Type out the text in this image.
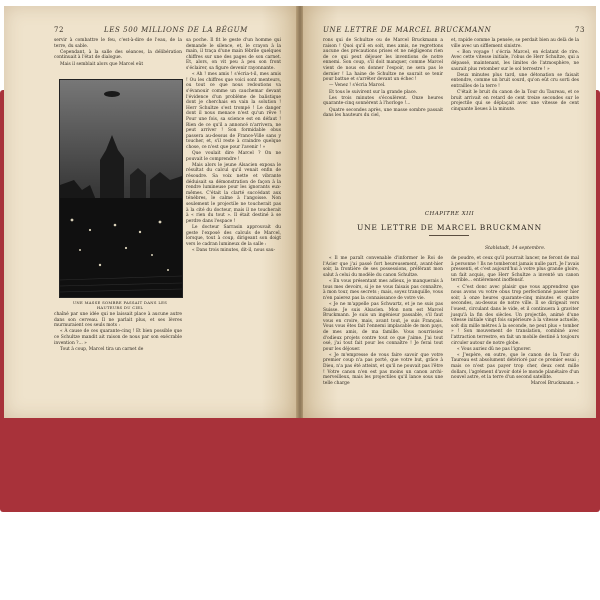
72	LES 500 MILLIONS DE LA BÉGUM

servir à combattre le feu, c'est-à-dire de l'eau, de la terre, du sable.

Cependant, à la salle des séances, la délibération continuait à l'état de dialogue.

Mais il semblait alors que Marcel eût

sa poche. Il fit le geste d'un homme qui demande le silence, et, le crayon à la main, il traça d'une main fébrile quelques chiffres sur une des pages de son carnet. Et, alors, on vit peu à peu son front s'éclairer, sa figure devenir rayonnante.

« Ah ! mes amis ! s'écria-t-il, mes amis ! Ou les chiffres que voici sont menteurs, ou tout ce que nous redoutions va s'évanouir comme un cauchemar devant l'évidence d'un problème de balistique dont je cherchais en vain la solution ! Herr Schultze s'est trompé ! Le danger dont il nous menace n'est qu'un rêve ! Pour une fois, sa science est en défaut ! Rien de ce qu'il a annoncé n'arrivera, ne peut arriver ! Son formidable obus passera au-dessus de France-Ville sans y toucher, et, s'il reste à craindre quelque chose, ce n'est que pour l'avenir ! »

Que voulait dire Marcel ? On ne pouvait le comprendre !

Mais alors le jeune Alsacien exposa le résultat du calcul qu'il venait enfin de résoudre. Sa voix nette et vibrante déduisait sa démonstration de façon à la rendre lumineuse pour les ignorants eux-mêmes. C'était la clarté succédant aux ténèbres, le calme à l'angoisse. Non seulement le projectile ne toucherait pas à la cité du docteur, mais il ne toucherait à « rien du tout ». Il était destiné à se perdre dans l'espace !

Le docteur Sarrasin approuvait du geste l'exposé des calculs de Marcel, lorsque, tout à coup, dirigeant son doigt vers le cadran lumineux de la salle :

« Dans trois minutes, dit-il, nous sau-

UNE MASSE SOMBRE PASSAIT DANS LES
HAUTEURS DU CIEL

chaîné par une idée qui ne laissait place à aucune autre dans son cerveau. Il ne parlait plus, et ses lèvres murmuraient ces seuls mots :

« À cause de ces quarante-cinq ! Et bien possible que ce Schultze mandit ait raison de nous par son exécrable invention ?... »

Tout à coup, Marcel tira un carnet de

UNE LETTRE DE MARCEL BRUCKMANN	73

rons qui de Schultze ou de Marcel Bruckmann a raison ! Quoi qu'il en soit, mes amis, ne regrettons aucune des précautions prises et ne négligeons rien de ce qui peut déjouer les inventions de notre ennemi. Son coup, s'il doit manquer, comme Marcel vient de nous en donner l'espoir, ne sera pas le dernier ! La haine de Schultze ne saurait se tenir pour battue et s'arrêter devant un échec !

— Venez ! s'écria Marcel.

Et tous le suivirent sur la grande place.

Les trois minutes s'écoulèrent. Onze heures quarante-cinq sonnèrent à l'horloge !...

Quatre secondes après, une masse sombre passait dans les hauteurs du ciel,

et, rapide comme la pensée, se perdait bien au delà de la ville avec un sifflement sinistre.

« Bon voyage ! s'écria Marcel, en éclatant de rire. Avec cette vitesse initiale, l'obus de Herr Schultze, qui a dépassé, maintenant, les limites de l'atmosphère, ne saurait plus retomber sur le sol terrestre ! »

Deux minutes plus tard, une détonation se faisait entendre, comme un bruit sourd, qu'on eût cru sorti des entrailles de la terre !

C'était le bruit du canon de la Tour du Taureau, et ce bruit arrivait en retard de cent treize secondes sur le projectile qui se déplaçait avec une vitesse de cent cinquante lieues à la minute.

CHAPITRE XIII
UNE LETTRE DE MARCEL BRUCKMANN
Stahlstadt, 14 septembre.

« Il me paraît convenable d'informer le Roi de l'Acier que j'ai passé fort heureusement, avant-hier soir, la frontière de ses possessions, préférant mon salut à celui du modèle du canon Schultze.

« En vous présentant mes adieux, je manquerais à tous mes devoirs, si je ne vous faisais pas connaître, à mon tour, mes secrets ; mais, soyez tranquille, vous n'en paierez pas la connaissance de votre vie.

« Je ne m'appelle pas Schwartz, et je ne suis pas Suisse. Je suis Alsacien. Mon nom est Marcel Bruckmann. Je suis un ingénieur passable, s'il faut vous en croire, mais, avant tout, je suis Français. Vous vous êtes fait l'ennemi implacable de mon pays, de mes amis, de ma famille. Vous nourrissiez d'odieux projets contre tout ce que j'aime. J'ai tout osé, j'ai tout fait pour les connaître ! Je ferai tout pour les déjouer.

« Je m'empresse de vous faire savoir que votre premier coup n'a pas porté, que votre but, grâce à Dieu, n'a pas été atteint, et qu'il ne pouvait pas l'être ! Votre canon n'en est pas moins un canon archi-merveilleux, mais les projectiles qu'il lance sous une telle charge

de poudre, et ceux qu'il pourrait lancer, ne feront de mal à personne ! Ils ne tomberont jamais nulle part. Je l'avais pressenti, et c'est aujourd'hui à votre plus grande gloire, un fait acquis, que Herr Schultze a inventé un canon terrible... entièrement inoffensif.

« C'est donc avec plaisir que vous apprendrez que nous avons vu votre obus trop perfectionné passer hier soir, à onze heures quarante-cinq minutes et quatre secondes, au-dessus de notre ville. Il se dirigeait vers l'ouest, circulant dans le vide, et il continuera à graviter jusqu'à la fin des siècles. Un projectile, animé d'une vitesse initiale vingt fois supérieure à la vitesse actuelle, soit dix mille mètres à la seconde, ne peut plus « tomber » ! Son mouvement de translation, combiné avec l'attraction terrestre, en fait un mobile destiné à toujours circuler autour de notre globe.

« Vous auriez dû ne pas l'ignorer.

« J'espère, en outre, que le canon de la Tour du Taureau est absolument détérioré par ce premier essai ; mais ce n'est pas payer trop cher, deux cent mille dollars, l'agrément d'avoir doté le monde planétaire d'un nouvel astre, et la terre d'un second satellite.

Marcel Bruckmann. »
